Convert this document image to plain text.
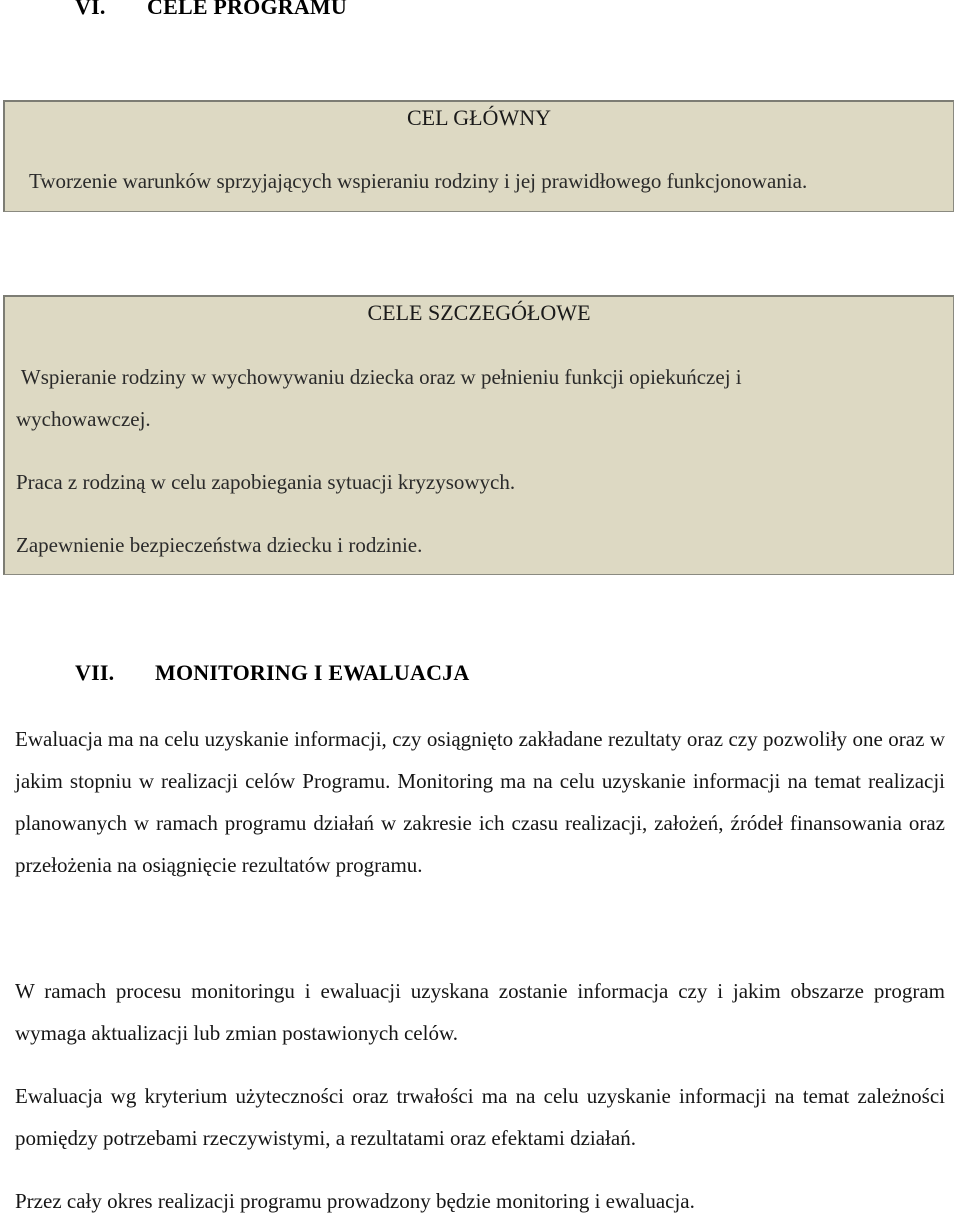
VI. CELE PROGRAMU
CEL GŁÓWNY
Tworzenie warunków sprzyjających wspieraniu rodziny i jej prawidłowego funkcjonowania.
CELE SZCZEGÓŁOWE
Wspieranie rodziny w wychowywaniu dziecka oraz w pełnieniu funkcji opiekuńczej i
wychowawczej.
Praca z rodziną w celu zapobiegania sytuacji kryzysowych.
Zapewnienie bezpieczeństwa dziecku i rodzinie.
VII. MONITORING I EWALUACJA

Ewaluacja ma na celu uzyskanie informacji, czy osiągnięto zakładane rezultaty oraz czy pozwoliły one oraz w jakim stopniu w realizacji celów Programu. Monitoring ma na celu uzyskanie informacji na temat realizacji planowanych w ramach programu działań w zakresie ich czasu realizacji, założeń, źródeł finansowania oraz przełożenia na osiągnięcie rezultatów programu.

W ramach procesu monitoringu i ewaluacji uzyskana zostanie informacja czy i jakim obszarze program wymaga aktualizacji lub zmian postawionych celów.

Ewaluacja wg kryterium użyteczności oraz trwałości ma na celu uzyskanie informacji na temat zależności pomiędzy potrzebami rzeczywistymi, a rezultatami oraz efektami działań.

Przez cały okres realizacji programu prowadzony będzie monitoring i ewaluacja.
